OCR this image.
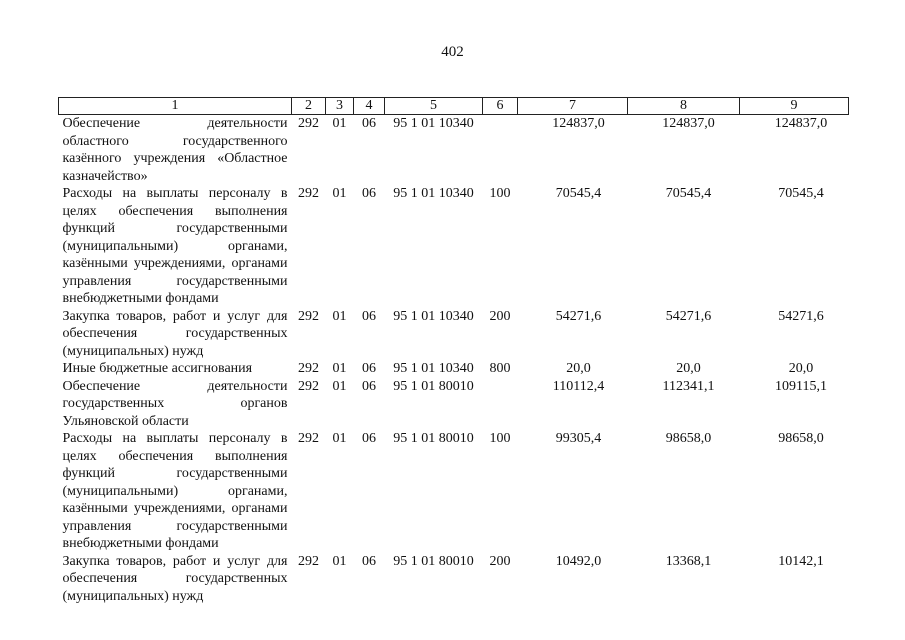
402
1	2	3	4	5	6	7	8	9
Обеспечение деятельности областного государственного казённого учреждения «Областное казначейство»	292	01	06	95 1 01 10340		124837,0	124837,0	124837,0
Расходы на выплаты персоналу в целях обеспечения выполнения функций государственными (муниципальными) органами, казёнными учреждениями, органами управления государственными внебюджетными фондами	292	01	06	95 1 01 10340	100	70545,4	70545,4	70545,4
Закупка товаров, работ и услуг для обеспечения государственных (муниципальных) нужд	292	01	06	95 1 01 10340	200	54271,6	54271,6	54271,6
Иные бюджетные ассигнования	292	01	06	95 1 01 10340	800	20,0	20,0	20,0
Обеспечение деятельности государственных органов Ульяновской области	292	01	06	95 1 01 80010		110112,4	112341,1	109115,1
Расходы на выплаты персоналу в целях обеспечения выполнения функций государственными (муниципальными) органами, казёнными учреждениями, органами управления государственными внебюджетными фондами	292	01	06	95 1 01 80010	100	99305,4	98658,0	98658,0
Закупка товаров, работ и услуг для обеспечения государственных (муниципальных) нужд	292	01	06	95 1 01 80010	200	10492,0	13368,1	10142,1
